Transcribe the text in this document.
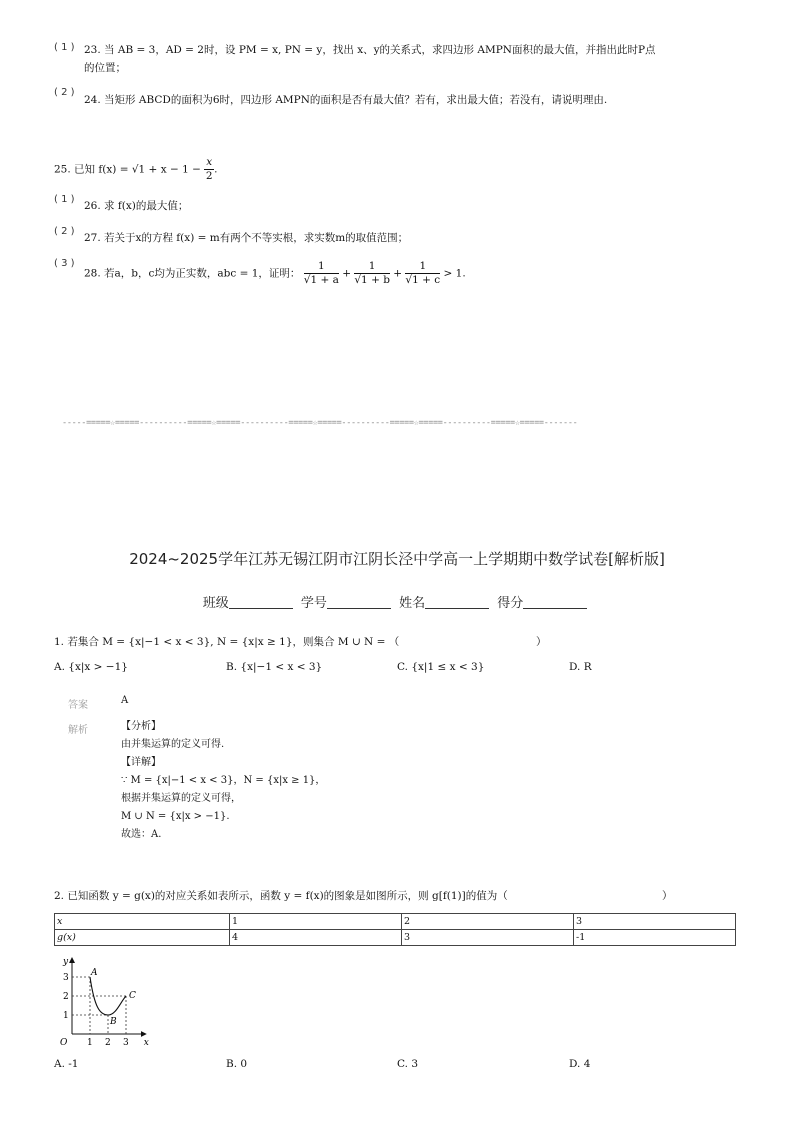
( 1 ) 23. 当 AB = 3，AD = 2时，设 PM = x, PN = y，找出 x、y的关系式，求四边形 AMPN面积的最大值，并指出此时P点
的位置；
( 2 )
24. 当矩形 ABCD的面积为6时，四边形 AMPN的面积是否有最大值？若有，求出最大值；若没有，请说明理由.
25. 已知 $f(x) = √1 + x - 1 - \frac{x}{2}$ .
( 1 )
26. 求 f(x)的最大值；
( 2 )
27. 若关于x的方程 f(x) = m有两个不等实根，求实数m的取值范围；
( 3 )
28. 若a，b，c均为正实数，abc = 1，证明： $\frac{1}{√1 + a} + \frac{1}{√1 + b} + \frac{1}{√1 + c} > 1$.
-----=====☆=====----------=====☆=====----------=====☆=====----------=====☆=====----------=====☆=====-------
2024~2025学年江苏无锡江阴市江阴长泾中学高一上学期期中数学试卷[解析版]
班级	学号	姓名	得分
1. 若集合 M = {x|−1 < x < 3}, N = {x|x ≥ 1}，则集合 M ∪ N = （	）
A. {x|x > −1}	B. {x|−1 < x < 3}	C. {x|1 ≤ x < 3}	D. R
答案	A
解析	【分析】
由并集运算的定义可得.
【详解】
∵ M = {x|−1 < x < 3}，N = {x|x ≥ 1}，
根据并集运算的定义可得，
M ∪ N = {x|x > −1}.
故选：A.
2. 已知函数 y = g(x)的对应关系如表所示，函数 y = f(x)的图象是如图所示，则 g[f(1)]的值为（	）
x	1	2	3
g(x)	4	3	-1
x
y
O 1 2 3
1
2
3 A
B
C
A. -1	B. 0	C. 3	D. 4
